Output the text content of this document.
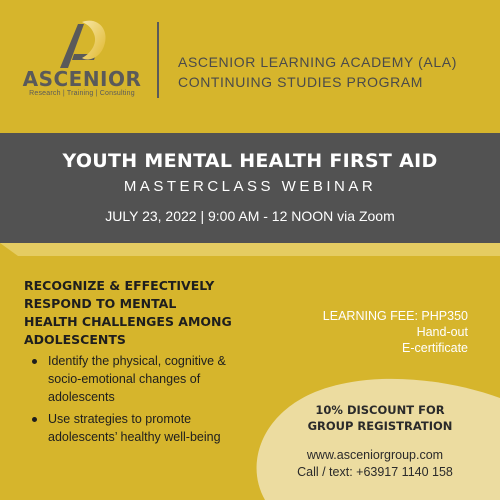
ASCENIOR
Research | Training | Consulting
ASCENIOR LEARNING ACADEMY (ALA)
CONTINUING STUDIES PROGRAM
YOUTH MENTAL HEALTH FIRST AID
MASTERCLASS WEBINAR
JULY 23, 2022 | 9:00 AM - 12 NOON via Zoom
RECOGNIZE & EFFECTIVELY RESPOND TO MENTAL HEALTH CHALLENGES AMONG ADOLESCENTS
Identify the physical, cognitive & socio-emotional changes of adolescents
Use strategies to promote adolescents’ healthy well-being
LEARNING FEE: PHP350
Hand-out
E-certificate
10% DISCOUNT FOR
GROUP REGISTRATION
www.asceniorgroup.com
Call / text: +63917 1140 158
